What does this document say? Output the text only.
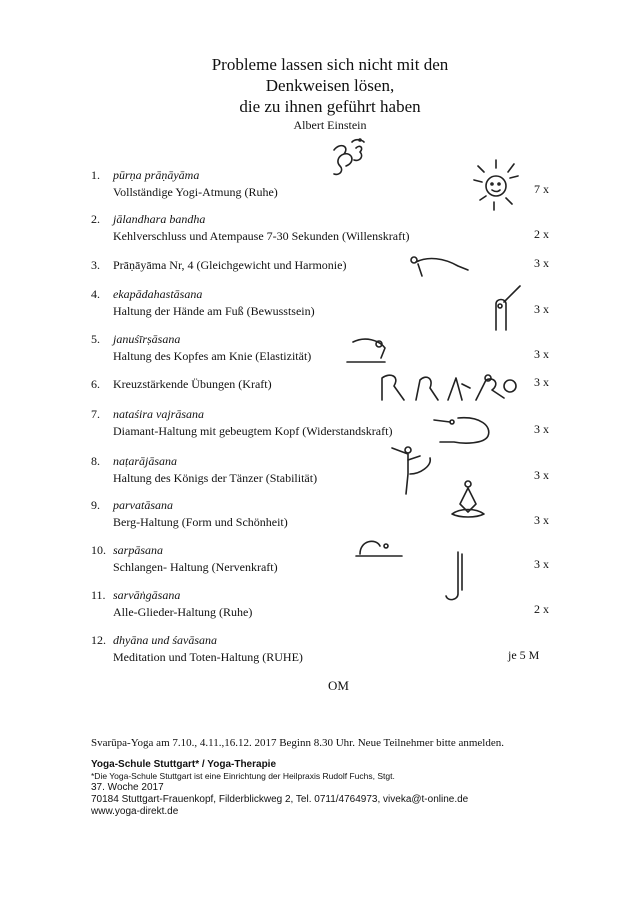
Probleme lassen sich nicht mit den
Denkweisen lösen,
die zu ihnen geführt haben
Albert Einstein
1. pūrṇa prāṇāyāma
Vollständige Yogi-Atmung (Ruhe)	7 x
2. jālandhara bandha
Kehlverschluss und Atempause 7-30 Sekunden (Willenskraft)	2 x
3. Prāṇāyāma Nr, 4 (Gleichgewicht und Harmonie)	3 x
4. ekapādahastāsana
Haltung der Hände am Fuß (Bewusstsein)	3 x
5. januśīrṣāsana
Haltung des Kopfes am Knie (Elastizität)	3 x
6. Kreuzstärkende Übungen (Kraft)	3 x
7. nataśira vajrāsana
Diamant-Haltung mit gebeugtem Kopf (Widerstandskraft)	3 x
8. naṭarājāsana
Haltung des Königs der Tänzer (Stabilität)	3 x
9. parvatāsana
Berg-Haltung (Form und Schönheit)	3 x
10. sarpāsana
Schlangen- Haltung (Nervenkraft)	3 x
11. sarvāṅgāsana
Alle-Glieder-Haltung (Ruhe)	2 x
12. dhyāna und śavāsana
Meditation und Toten-Haltung (RUHE)	je 5 M
OM
Svarūpa-Yoga am 7.10., 4.11.,16.12. 2017 Beginn 8.30 Uhr. Neue Teilnehmer bitte anmelden.
Yoga-Schule Stuttgart* / Yoga-Therapie
*Die Yoga-Schule Stuttgart ist eine Einrichtung der Heilpraxis Rudolf Fuchs, Stgt.
37. Woche 2017
70184 Stuttgart-Frauenkopf, Filderblickweg 2, Tel. 0711/4764973, viveka@t-online.de
www.yoga-direkt.de
